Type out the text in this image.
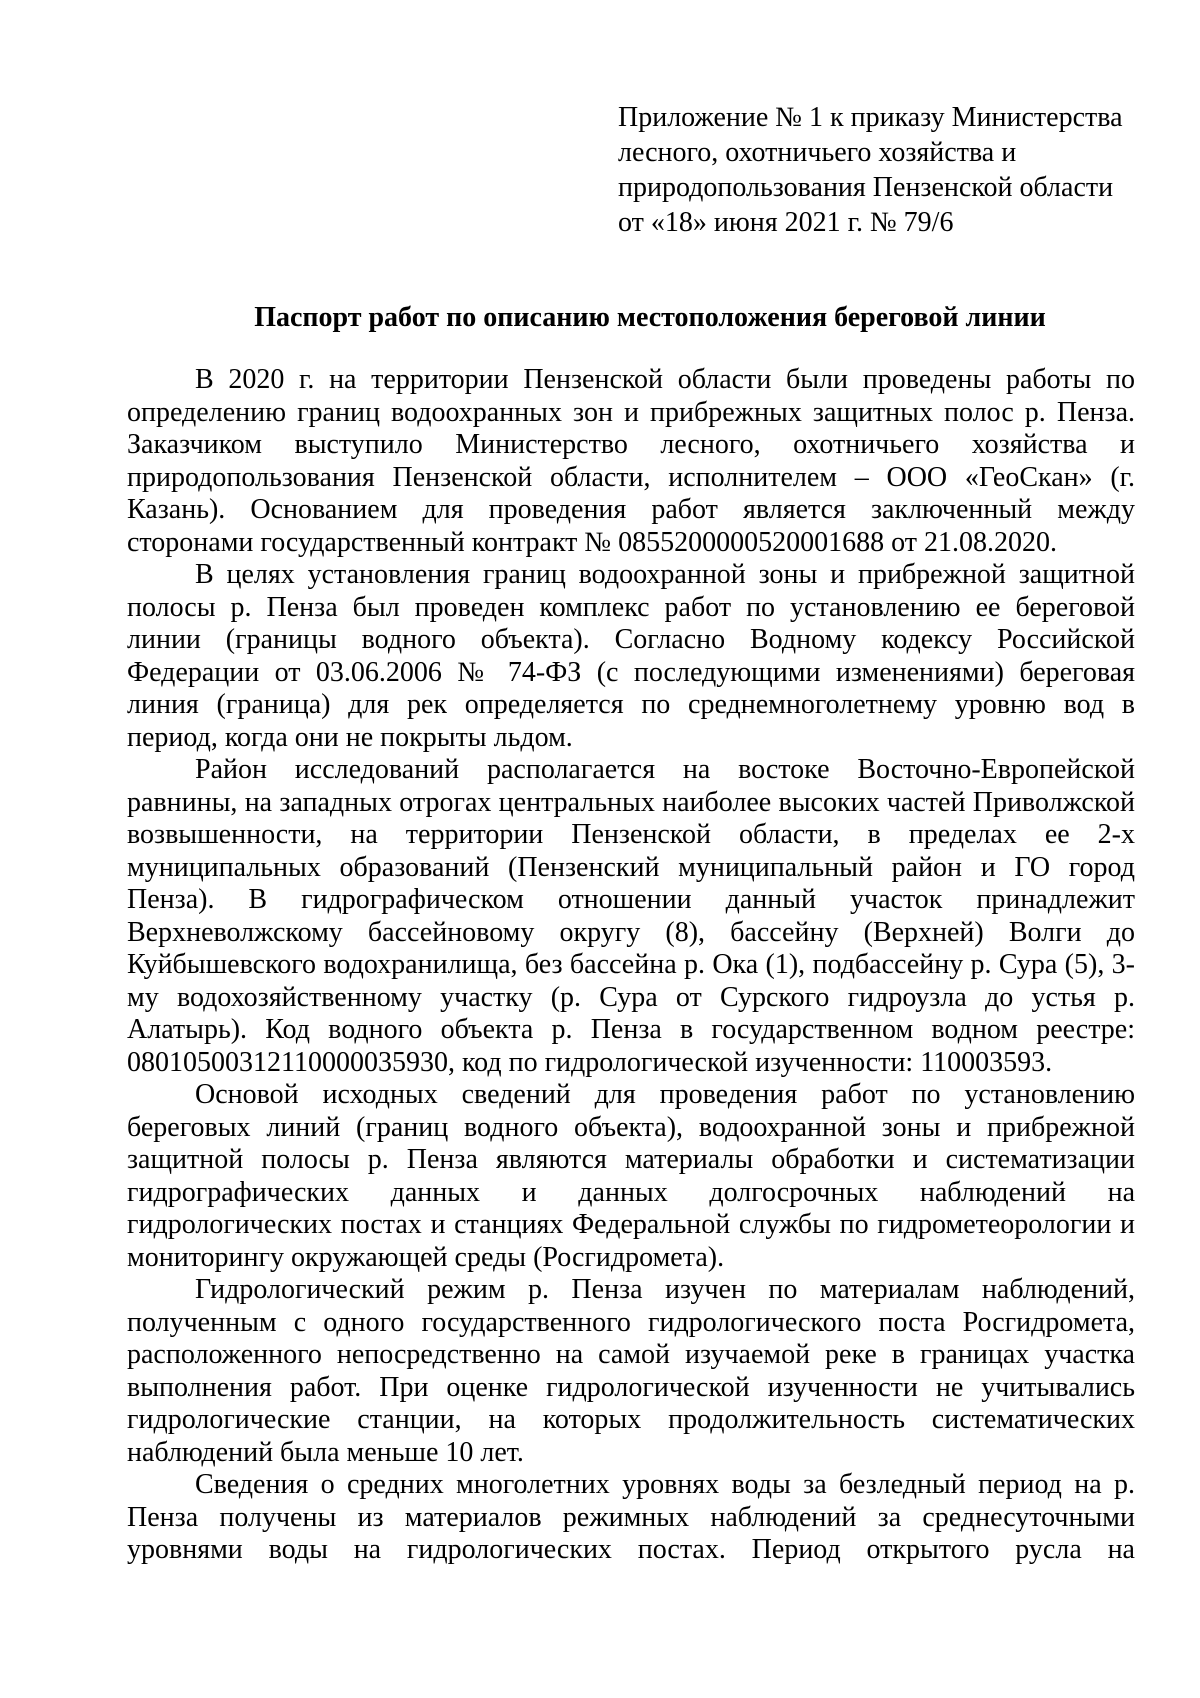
Приложение № 1 к приказу Министерства
лесного, охотничьего хозяйства и
природопользования Пензенской области
от «18» июня 2021 г. № 79/6
Паспорт работ по описанию местоположения береговой линии

В 2020 г. на территории Пензенской области были проведены работы по определению границ водоохранных зон и прибрежных защитных полос р. Пенза. Заказчиком выступило Министерство лесного, охотничьего хозяйства и природопользования Пензенской области, исполнителем – ООО «ГеоСкан» (г. Казань). Основанием для проведения работ является заключенный между сторонами государственный контракт № 0855200000520001688 от 21.08.2020.

В целях установления границ водоохранной зоны и прибрежной защитной полосы р. Пенза был проведен комплекс работ по установлению ее береговой линии (границы водного объекта). Согласно Водному кодексу Российской Федерации от 03.06.2006 № 74-ФЗ (с последующими изменениями) береговая линия (граница) для рек определяется по среднемноголетнему уровню вод в период, когда они не покрыты льдом.

Район исследований располагается на востоке Восточно-Европейской равнины, на западных отрогах центральных наиболее высоких частей Приволжской возвышенности, на территории Пензенской области, в пределах ее 2-х муниципальных образований (Пензенский муниципальный район и ГО город Пенза). В гидрографическом отношении данный участок принадлежит Верхневолжскому бассейновому округу (8), бассейну (Верхней) Волги до Куйбышевского водохранилища, без бассейна р. Ока (1), подбассейну р. Сура (5), 3-му водохозяйственному участку (р. Сура от Сурского гидроузла до устья р. Алатырь). Код водного объекта р. Пенза в государственном водном реестре: 08010500312110000035930, код по гидрологической изученности: 110003593.

Основой исходных сведений для проведения работ по установлению береговых линий (границ водного объекта), водоохранной зоны и прибрежной защитной полосы р. Пенза являются материалы обработки и систематизации гидрографических данных и данных долгосрочных наблюдений на гидрологических постах и станциях Федеральной службы по гидрометеорологии и мониторингу окружающей среды (Росгидромета).

Гидрологический режим р. Пенза изучен по материалам наблюдений, полученным с одного государственного гидрологического поста Росгидромета, расположенного непосредственно на самой изучаемой реке в границах участка выполнения работ. При оценке гидрологической изученности не учитывались гидрологические станции, на которых продолжительность систематических наблюдений была меньше 10 лет.

Сведения о средних многолетних уровнях воды за безледный период на р. Пенза получены из материалов режимных наблюдений за среднесуточными уровнями воды на гидрологических постах. Период открытого русла на
